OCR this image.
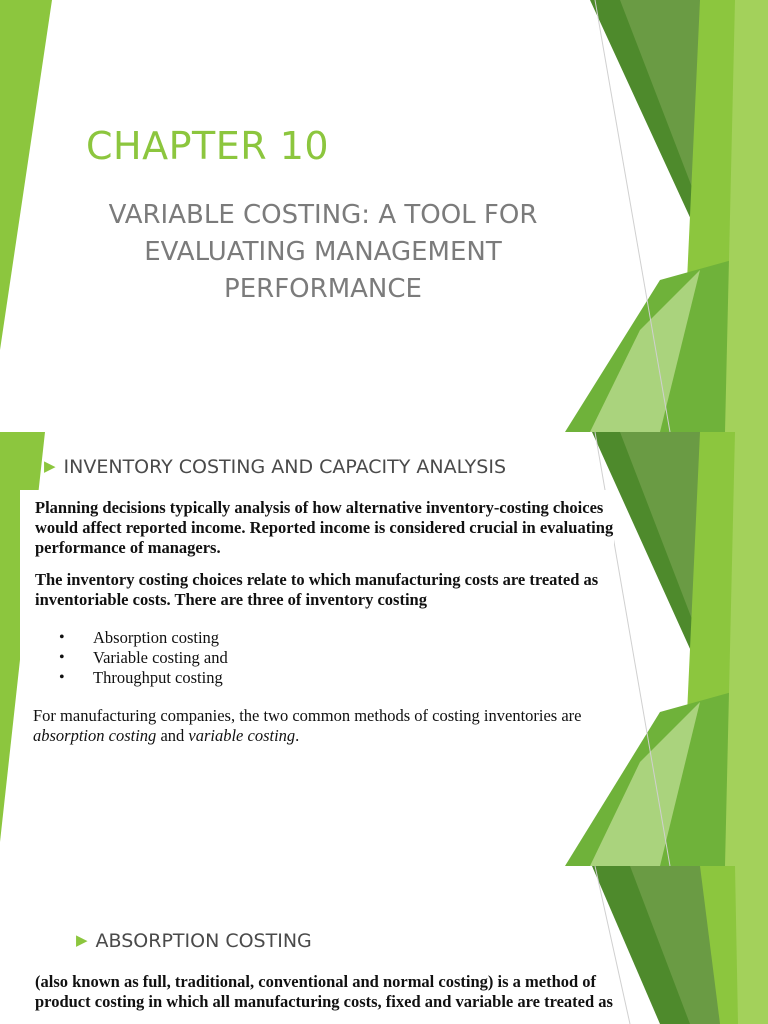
CHAPTER 10
VARIABLE COSTING: A TOOL FOR
EVALUATING MANAGEMENT
PERFORMANCE
▶ INVENTORY COSTING AND CAPACITY ANALYSIS

Planning decisions typically analysis of how alternative inventory-costing choices

would affect reported income. Reported income is considered crucial in evaluating

performance of managers.

The inventory costing choices relate to which manufacturing costs are treated as

inventoriable costs. There are three of inventory costing

• Absorption costing
• Variable costing and
• Throughput costing

For manufacturing companies, the two common methods of costing inventories are

absorption costing and variable costing.

▶ ABSORPTION COSTING

(also known as full, traditional, conventional and normal costing) is a method of

product costing in which all manufacturing costs, fixed and variable are treated as
